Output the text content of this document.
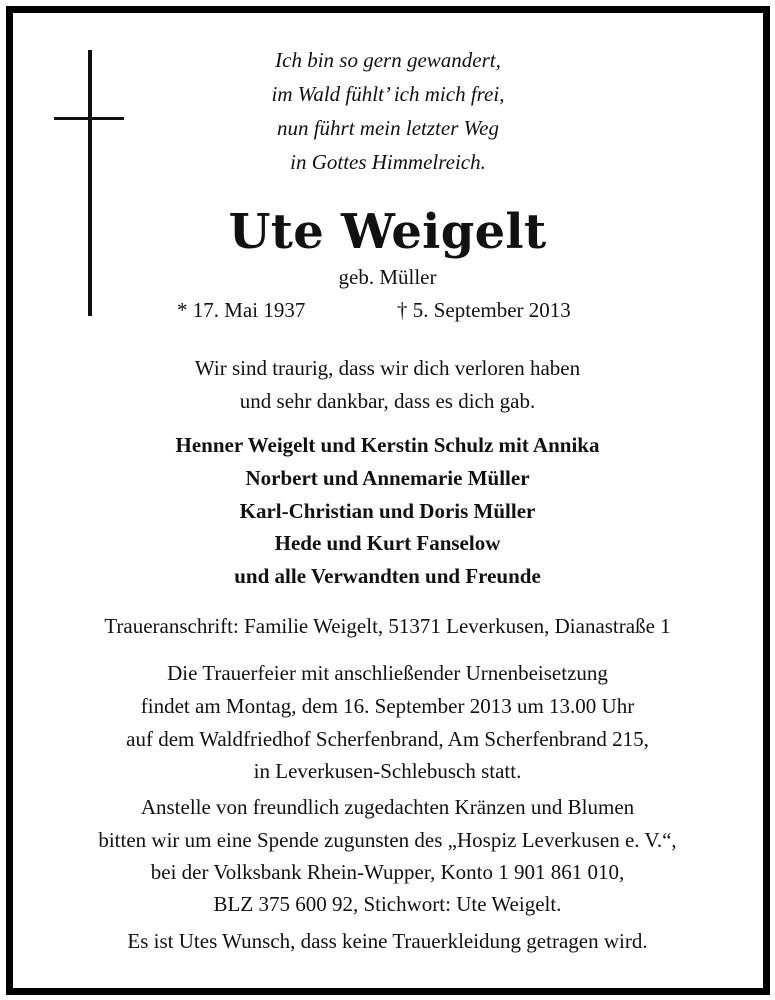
Ich bin so gern gewandert,
im Wald fühlt’ ich mich frei,
nun führt mein letzter Weg
in Gottes Himmelreich.
Ute Weigelt
geb. Müller
* 17. Mai 1937	† 5. September 2013
Wir sind traurig, dass wir dich verloren haben
und sehr dankbar, dass es dich gab.
Henner Weigelt und Kerstin Schulz mit Annika
Norbert und Annemarie Müller
Karl-Christian und Doris Müller
Hede und Kurt Fanselow
und alle Verwandten und Freunde
Traueranschrift: Familie Weigelt, 51371 Leverkusen, Dianastraße 1
Die Trauerfeier mit anschließender Urnenbeisetzung
findet am Montag, dem 16. September 2013 um 13.00 Uhr
auf dem Waldfriedhof Scherfenbrand, Am Scherfenbrand 215,
in Leverkusen-Schlebusch statt.
Anstelle von freundlich zugedachten Kränzen und Blumen
bitten wir um eine Spende zugunsten des „Hospiz Leverkusen e. V.“,
bei der Volksbank Rhein-Wupper, Konto 1 901 861 010,
BLZ 375 600 92, Stichwort: Ute Weigelt.
Es ist Utes Wunsch, dass keine Trauerkleidung getragen wird.
